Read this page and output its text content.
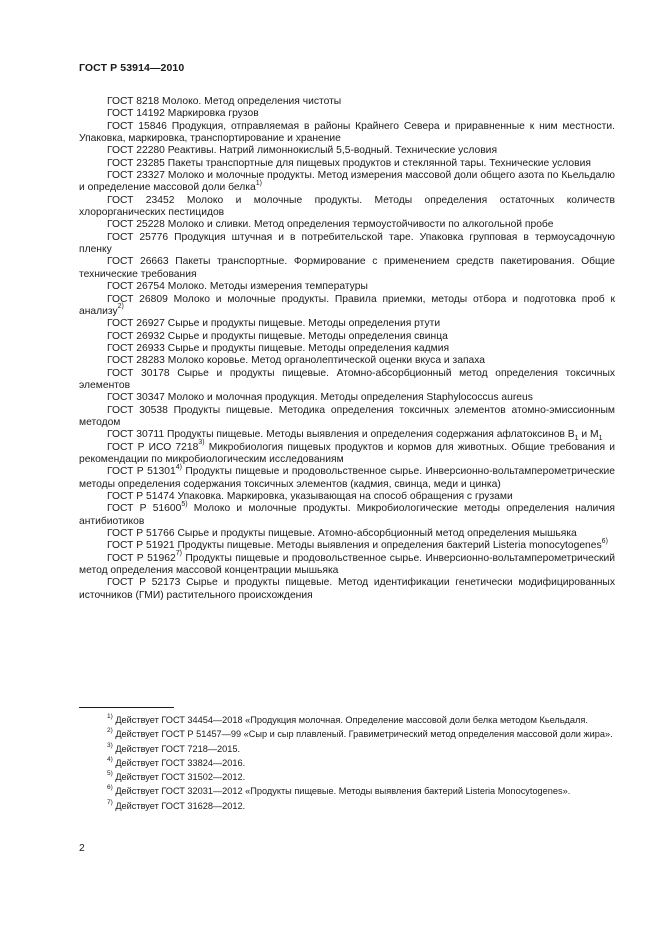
ГОСТ Р 53914—2010
ГОСТ 8218 Молоко. Метод определения чистоты
ГОСТ 14192 Маркировка грузов
ГОСТ 15846 Продукция, отправляемая в районы Крайнего Севера и приравненные к ним местности. Упаковка, маркировка, транспортирование и хранение
ГОСТ 22280 Реактивы. Натрий лимоннокислый 5,5-водный. Технические условия
ГОСТ 23285 Пакеты транспортные для пищевых продуктов и стеклянной тары. Технические условия
ГОСТ 23327 Молоко и молочные продукты. Метод измерения массовой доли общего азота по Кьельдалю и определение массовой доли белка$^{1)}$
ГОСТ 23452 Молоко и молочные продукты. Методы определения остаточных количеств хлорорганических пестицидов
ГОСТ 25228 Молоко и сливки. Метод определения термоустойчивости по алкогольной пробе
ГОСТ 25776 Продукция штучная и в потребительской таре. Упаковка групповая в термоусадочную пленку
ГОСТ 26663 Пакеты транспортные. Формирование с применением средств пакетирования. Общие технические требования
ГОСТ 26754 Молоко. Методы измерения температуры
ГОСТ 26809 Молоко и молочные продукты. Правила приемки, методы отбора и подготовка проб к анализу$^{2)}$
ГОСТ 26927 Сырье и продукты пищевые. Методы определения ртути
ГОСТ 26932 Сырье и продукты пищевые. Методы определения свинца
ГОСТ 26933 Сырье и продукты пищевые. Методы определения кадмия
ГОСТ 28283 Молоко коровье. Метод органолептической оценки вкуса и запаха
ГОСТ 30178 Сырье и продукты пищевые. Атомно-абсорбционный метод определения токсичных элементов
ГОСТ 30347 Молоко и молочная продукция. Методы определения Staphylococcus aureus
ГОСТ 30538 Продукты пищевые. Методика определения токсичных элементов атомно-эмиссионным методом
ГОСТ 30711 Продукты пищевые. Методы выявления и определения содержания афлатоксинов $В_1$ и $М_1$
ГОСТ Р ИСО 7218$^{3)}$ Микробиология пищевых продуктов и кормов для животных. Общие требования и рекомендации по микробиологическим исследованиям
ГОСТ Р 51301$^{4)}$ Продукты пищевые и продовольственное сырье. Инверсионно-вольтамперометрические методы определения содержания токсичных элементов (кадмия, свинца, меди и цинка)
ГОСТ Р 51474 Упаковка. Маркировка, указывающая на способ обращения с грузами
ГОСТ Р 51600$^{5)}$ Молоко и молочные продукты. Микробиологические методы определения наличия антибиотиков
ГОСТ Р 51766 Сырье и продукты пищевые. Атомно-абсорбционный метод определения мышьяка
ГОСТ Р 51921 Продукты пищевые. Методы выявления и определения бактерий Listeria monocytogenes$^{6)}$
ГОСТ Р 51962$^{7)}$ Продукты пищевые и продовольственное сырье. Инверсионно-вольтамперометрический метод определения массовой концентрации мышьяка
ГОСТ Р 52173 Сырье и продукты пищевые. Метод идентификации генетически модифицированных источников (ГМИ) растительного происхождения
$^{1)}$ Действует ГОСТ 34454—2018 «Продукция молочная. Определение массовой доли белка методом Кьельдаля.
$^{2)}$ Действует ГОСТ Р 51457—99 «Сыр и сыр плавленый. Гравиметрический метод определения массовой доли жира».
$^{3)}$ Действует ГОСТ 7218—2015.
$^{4)}$ Действует ГОСТ 33824—2016.
$^{5)}$ Действует ГОСТ 31502—2012.
$^{6)}$ Действует ГОСТ 32031—2012 «Продукты пищевые. Методы выявления бактерий Listeria Monocytogenes».
$^{7)}$ Действует ГОСТ 31628—2012.
2
